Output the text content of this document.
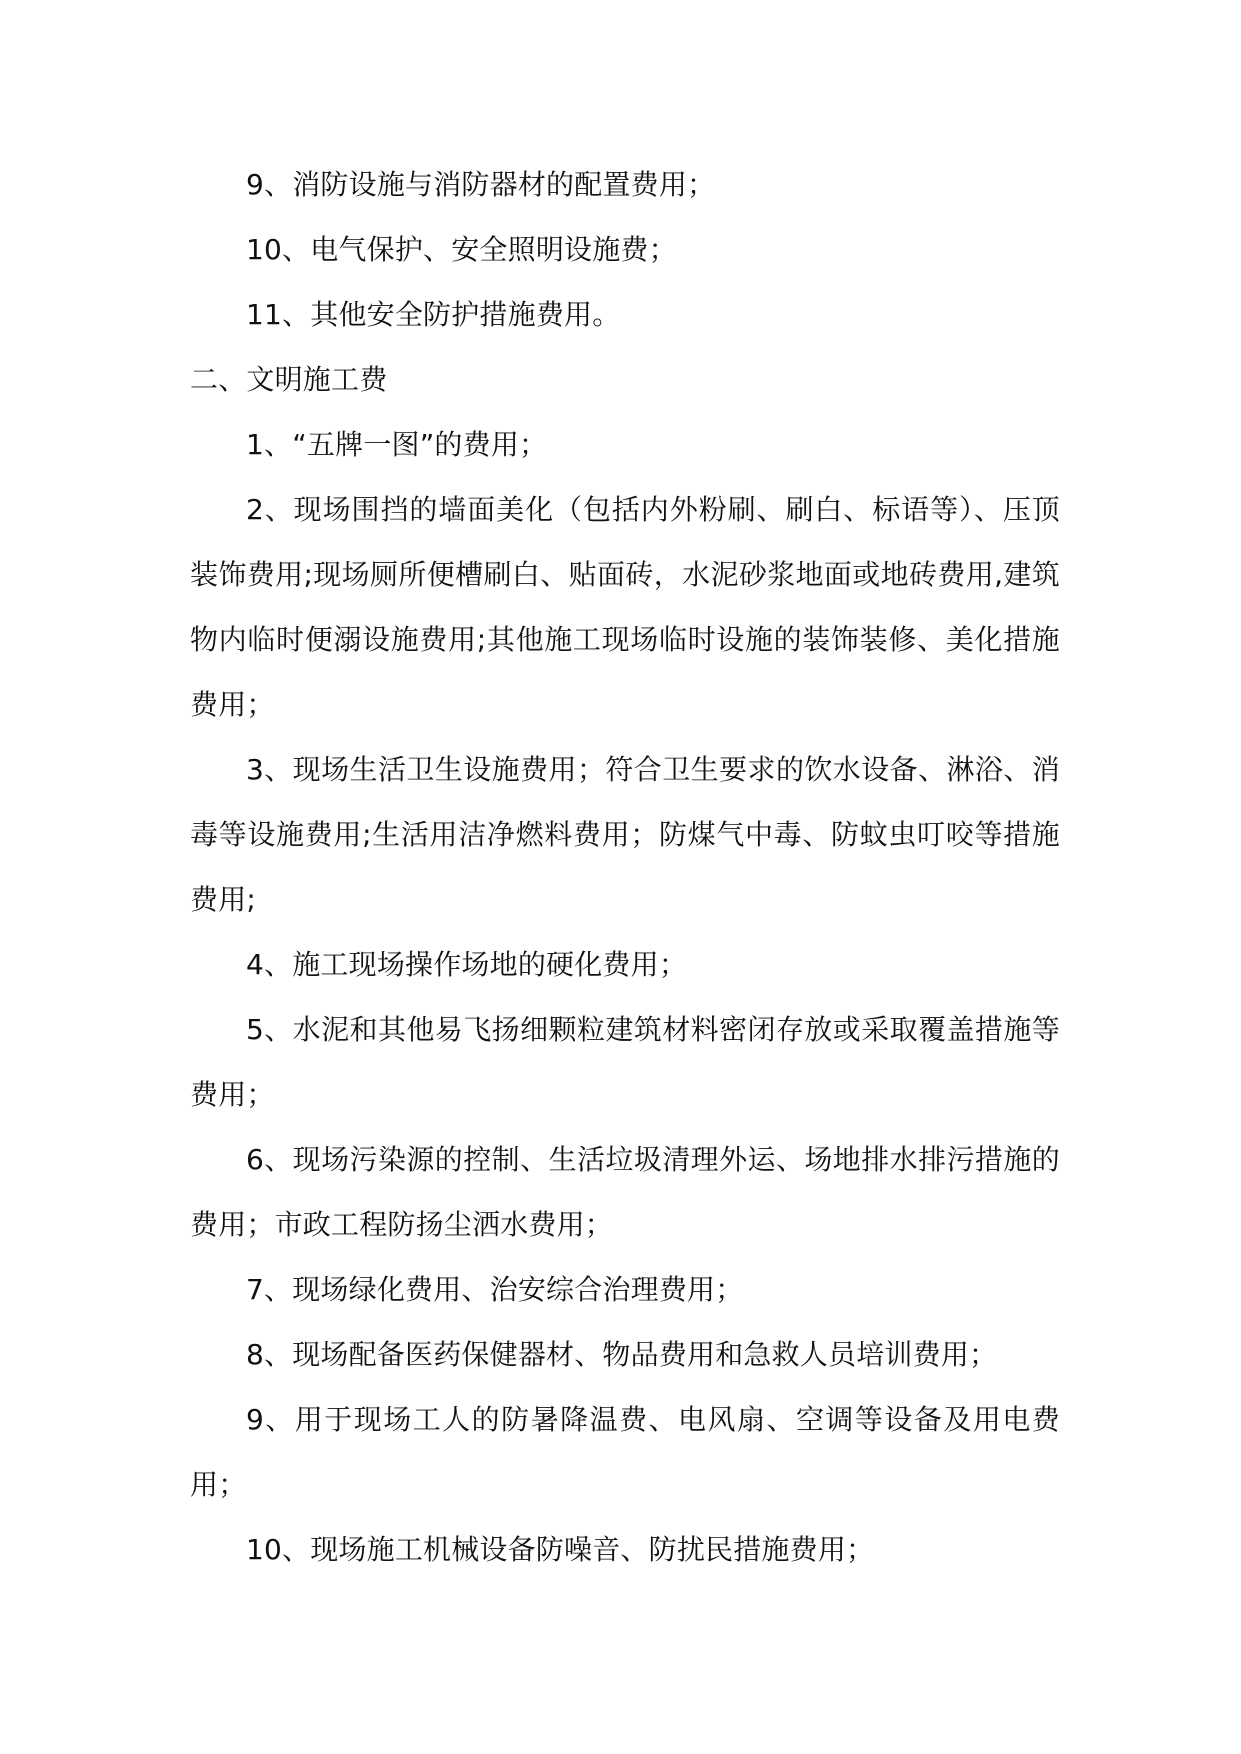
9、消防设施与消防器材的配置费用；

10、电气保护、安全照明设施费；

11、其他安全防护措施费用。

二、文明施工费

1、“五牌一图”的费用；

2、现场围挡的墙面美化（包括内外粉刷、刷白、标语等）、压顶装饰费用;现场厕所便槽刷白、贴面砖，水泥砂浆地面或地砖费用,建筑物内临时便溺设施费用;其他施工现场临时设施的装饰装修、美化措施费用；

3、现场生活卫生设施费用；符合卫生要求的饮水设备、淋浴、消毒等设施费用;生活用洁净燃料费用；防煤气中毒、防蚊虫叮咬等措施费用;

4、施工现场操作场地的硬化费用；

5、水泥和其他易飞扬细颗粒建筑材料密闭存放或采取覆盖措施等费用；

6、现场污染源的控制、生活垃圾清理外运、场地排水排污措施的费用；市政工程防扬尘洒水费用；

7、现场绿化费用、治安综合治理费用；

8、现场配备医药保健器材、物品费用和急救人员培训费用；

9、用于现场工人的防暑降温费、电风扇、空调等设备及用电费用；

10、现场施工机械设备防噪音、防扰民措施费用；
